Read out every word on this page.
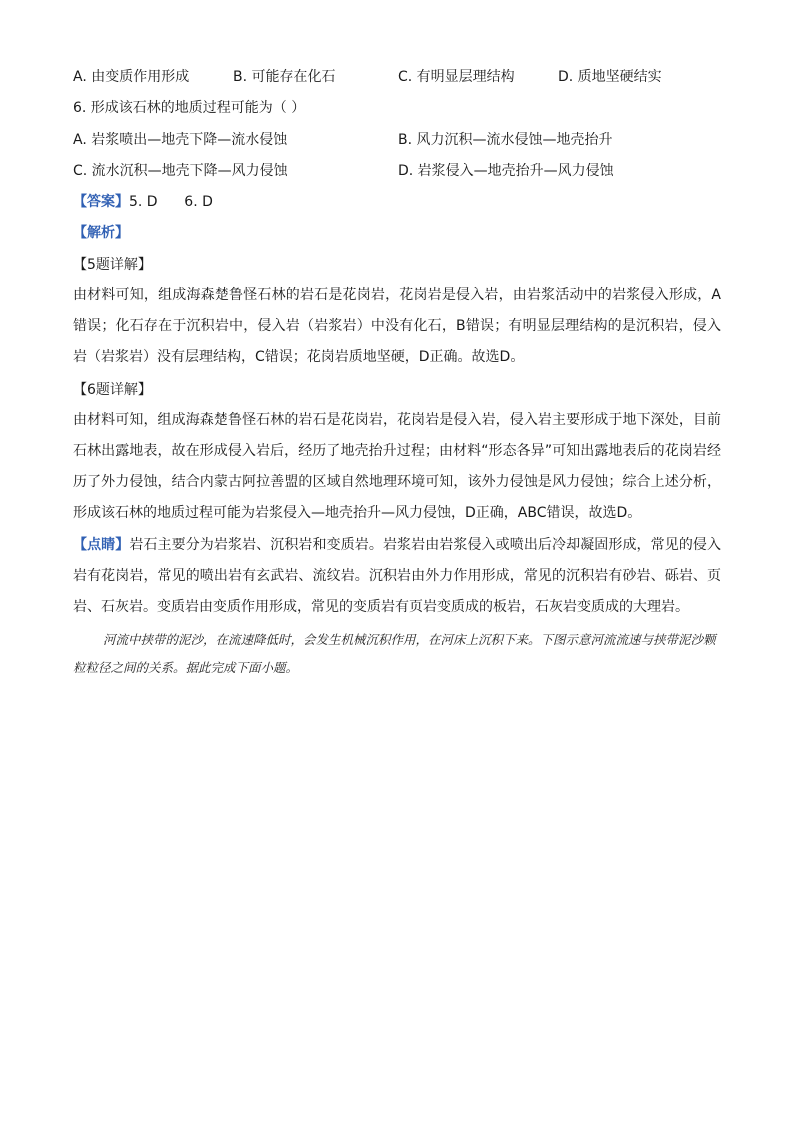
A. 由变质作用形成	B. 可能存在化石	C. 有明显层理结构	D. 质地坚硬结实
6. 形成该石林的地质过程可能为（ ）
A. 岩浆喷出—地壳下降—流水侵蚀	B. 风力沉积—流水侵蚀—地壳抬升
C. 流水沉积—地壳下降—风力侵蚀	D. 岩浆侵入—地壳抬升—风力侵蚀
【答案】5. D      6. D
【解析】
【5题详解】
由材料可知，组成海森楚鲁怪石林的岩石是花岗岩，花岗岩是侵入岩，由岩浆活动中的岩浆侵入形成，A错误；化石存在于沉积岩中，侵入岩（岩浆岩）中没有化石，B错误；有明显层理结构的是沉积岩，侵入岩（岩浆岩）没有层理结构，C错误；花岗岩质地坚硬，D正确。故选D。
【6题详解】
由材料可知，组成海森楚鲁怪石林的岩石是花岗岩，花岗岩是侵入岩，侵入岩主要形成于地下深处，目前石林出露地表，故在形成侵入岩后，经历了地壳抬升过程；由材料“形态各异”可知出露地表后的花岗岩经历了外力侵蚀，结合内蒙古阿拉善盟的区域自然地理环境可知，该外力侵蚀是风力侵蚀；综合上述分析，形成该石林的地质过程可能为岩浆侵入—地壳抬升—风力侵蚀，D正确，ABC错误，故选D。
【点睛】岩石主要分为岩浆岩、沉积岩和变质岩。岩浆岩由岩浆侵入或喷出后冷却凝固形成，常见的侵入岩有花岗岩，常见的喷出岩有玄武岩、流纹岩。沉积岩由外力作用形成，常见的沉积岩有砂岩、砾岩、页岩、石灰岩。变质岩由变质作用形成，常见的变质岩有页岩变质成的板岩，石灰岩变质成的大理岩。
河流中挟带的泥沙，在流速降低时，会发生机械沉积作用，在河床上沉积下来。下图示意河流流速与挟带泥沙颗粒粒径之间的关系。据此完成下面小题。
